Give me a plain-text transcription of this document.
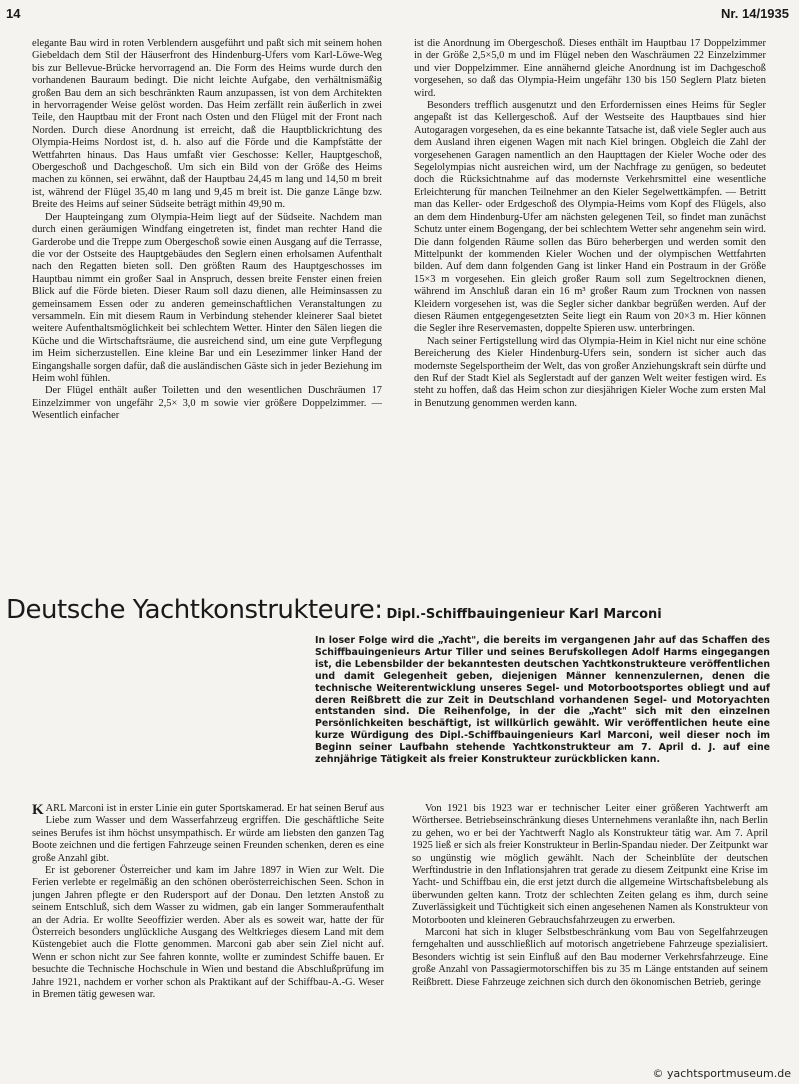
14	Nr. 14/1935

elegante Bau wird in roten Verblendern ausgeführt und paßt sich mit seinem hohen Giebeldach dem Stil der Häuserfront des Hindenburg-Ufers vom Karl-Löwe-Weg bis zur Bellevue-Brücke hervorragend an. Die Form des Heims wurde durch den vorhandenen Bauraum bedingt. Die nicht leichte Aufgabe, den verhältnismäßig großen Bau dem an sich beschränkten Raum anzupassen, ist von dem Architekten in hervorragender Weise gelöst worden. Das Heim zerfällt rein äußerlich in zwei Teile, den Hauptbau mit der Front nach Osten und den Flügel mit der Front nach Norden. Durch diese Anordnung ist erreicht, daß die Hauptblickrichtung des Olympia-Heims Nordost ist, d. h. also auf die Förde und die Kampfstätte der Wettfahrten hinaus. Das Haus umfaßt vier Geschosse: Keller, Hauptgeschoß, Obergeschoß und Dachgeschoß. Um sich ein Bild von der Größe des Heims machen zu können, sei erwähnt, daß der Hauptbau 24,45 m lang und 14,50 m breit ist, während der Flügel 35,40 m lang und 9,45 m breit ist. Die ganze Länge bzw. Breite des Heims auf seiner Südseite beträgt mithin 49,90 m.

Der Haupteingang zum Olympia-Heim liegt auf der Südseite. Nachdem man durch einen geräumigen Windfang eingetreten ist, findet man rechter Hand die Garderobe und die Treppe zum Obergeschoß sowie einen Ausgang auf die Terrasse, die vor der Ostseite des Hauptgebäudes den Seglern einen erholsamen Aufenthalt nach den Regatten bieten soll. Den größten Raum des Hauptgeschosses im Hauptbau nimmt ein großer Saal in Anspruch, dessen breite Fenster einen freien Blick auf die Förde bieten. Dieser Raum soll dazu dienen, alle Heiminsassen zu gemeinsamem Essen oder zu anderen gemeinschaftlichen Veranstaltungen zu versammeln. Ein mit diesem Raum in Verbindung stehender kleinerer Saal bietet weitere Aufenthaltsmöglichkeit bei schlechtem Wetter. Hinter den Sälen liegen die Küche und die Wirtschaftsräume, die ausreichend sind, um eine gute Verpflegung im Heim sicherzustellen. Eine kleine Bar und ein Lesezimmer linker Hand der Eingangshalle sorgen dafür, daß die ausländischen Gäste sich in jeder Beziehung im Heim wohl fühlen.

Der Flügel enthält außer Toiletten und den wesentlichen Duschräumen 17 Einzelzimmer von ungefähr 2,5× 3,0 m sowie vier größere Doppelzimmer. — Wesentlich einfacher

ist die Anordnung im Obergeschoß. Dieses enthält im Hauptbau 17 Doppelzimmer in der Größe 2,5×5,0 m und im Flügel neben den Waschräumen 22 Einzelzimmer und vier Doppelzimmer. Eine annähernd gleiche Anordnung ist im Dachgeschoß vorgesehen, so daß das Olympia-Heim ungefähr 130 bis 150 Seglern Platz bieten wird.

Besonders trefflich ausgenutzt und den Erfordernissen eines Heims für Segler angepaßt ist das Kellergeschoß. Auf der Westseite des Hauptbaues sind hier Autogaragen vorgesehen, da es eine bekannte Tatsache ist, daß viele Segler auch aus dem Ausland ihren eigenen Wagen mit nach Kiel bringen. Obgleich die Zahl der vorgesehenen Garagen namentlich an den Haupttagen der Kieler Woche oder des Segelolympias nicht ausreichen wird, um der Nachfrage zu genügen, so bedeutet doch die Rücksichtnahme auf das modernste Verkehrsmittel eine wesentliche Erleichterung für manchen Teilnehmer an den Kieler Segelwettkämpfen. — Betritt man das Keller- oder Erdgeschoß des Olympia-Heims vom Kopf des Flügels, also an dem dem Hindenburg-Ufer am nächsten gelegenen Teil, so findet man zunächst Schutz unter einem Bogengang, der bei schlechtem Wetter sehr angenehm sein wird. Die dann folgenden Räume sollen das Büro beherbergen und werden somit den Mittelpunkt der kommenden Kieler Wochen und der olympischen Wettfahrten bilden. Auf dem dann folgenden Gang ist linker Hand ein Postraum in der Größe 15×3 m vorgesehen. Ein gleich großer Raum soll zum Segeltrocknen dienen, während im Anschluß daran ein 16 m³ großer Raum zum Trocknen von nassen Kleidern vorgesehen ist, was die Segler sicher dankbar begrüßen werden. Auf der diesen Räumen entgegengesetzten Seite liegt ein Raum von 20×3 m. Hier können die Segler ihre Reservemasten, doppelte Spieren usw. unterbringen.

Nach seiner Fertigstellung wird das Olympia-Heim in Kiel nicht nur eine schöne Bereicherung des Kieler Hindenburg-Ufers sein, sondern ist sicher auch das modernste Segelsportheim der Welt, das von großer Anziehungskraft sein dürfte und den Ruf der Stadt Kiel als Seglerstadt auf der ganzen Welt weiter festigen wird. Es steht zu hoffen, daß das Heim schon zur diesjährigen Kieler Woche zum ersten Mal in Benutzung genommen werden kann.

Deutsche Yachtkonstrukteure: Dipl.-Schiffbauingenieur Karl Marconi
In loser Folge wird die „Yacht", die bereits im vergangenen Jahr auf das Schaffen des Schiffbauingenieurs Artur Tiller und seines Berufskollegen Adolf Harms eingegangen ist, die Lebensbilder der bekanntesten deutschen Yachtkonstrukteure veröffentlichen und damit Gelegenheit geben, diejenigen Männer kennenzulernen, denen die technische Weiterentwicklung unseres Segel- und Motorbootsportes obliegt und auf deren Reißbrett die zur Zeit in Deutschland vorhandenen Segel- und Motoryachten entstanden sind. Die Reihenfolge, in der die „Yacht" sich mit den einzelnen Persönlichkeiten beschäftigt, ist willkürlich gewählt. Wir veröffentlichen heute eine kurze Würdigung des Dipl.-Schiffbauingenieurs Karl Marconi, weil dieser noch im Beginn seiner Laufbahn stehende Yachtkonstrukteur am 7. April d. J. auf eine zehnjährige Tätigkeit als freier Konstrukteur zurückblicken kann.

K ARL Marconi ist in erster Linie ein guter Sportskamerad. Er hat seinen Beruf aus Liebe zum Wasser und dem Wasserfahrzeug ergriffen. Die geschäftliche Seite seines Berufes ist ihm höchst unsympathisch. Er würde am liebsten den ganzen Tag Boote zeichnen und die fertigen Fahrzeuge seinen Freunden schenken, deren es eine große Anzahl gibt.

Er ist geborener Österreicher und kam im Jahre 1897 in Wien zur Welt. Die Ferien verlebte er regelmäßig an den schönen oberösterreichischen Seen. Schon in jungen Jahren pflegte er den Rudersport auf der Donau. Den letzten Anstoß zu seinem Entschluß, sich dem Wasser zu widmen, gab ein langer Sommeraufenthalt an der Adria. Er wollte Seeoffizier werden. Aber als es soweit war, hatte der für Österreich besonders unglückliche Ausgang des Weltkrieges diesem Land mit dem Küstengebiet auch die Flotte genommen. Marconi gab aber sein Ziel nicht auf. Wenn er schon nicht zur See fahren konnte, wollte er zumindest Schiffe bauen. Er besuchte die Technische Hochschule in Wien und bestand die Abschlußprüfung im Jahre 1921, nachdem er vorher schon als Praktikant auf der Schiffbau-A.-G. Weser in Bremen tätig gewesen war.

Von 1921 bis 1923 war er technischer Leiter einer größeren Yachtwerft am Wörthersee. Betriebseinschränkung dieses Unternehmens veranlaßte ihn, nach Berlin zu gehen, wo er bei der Yachtwerft Naglo als Konstrukteur tätig war. Am 7. April 1925 ließ er sich als freier Konstrukteur in Berlin-Spandau nieder. Der Zeitpunkt war so ungünstig wie möglich gewählt. Nach der Scheinblüte der deutschen Werftindustrie in den Inflationsjahren trat gerade zu diesem Zeitpunkt eine Krise im Yacht- und Schiffbau ein, die erst jetzt durch die allgemeine Wirtschaftsbelebung als überwunden gelten kann. Trotz der schlechten Zeiten gelang es ihm, durch seine Zuverlässigkeit und Tüchtigkeit sich einen angesehenen Namen als Konstrukteur von Motorbooten und kleineren Gebrauchsfahrzeugen zu erwerben.

Marconi hat sich in kluger Selbstbeschränkung vom Bau von Segelfahrzeugen ferngehalten und ausschließlich auf motorisch angetriebene Fahrzeuge spezialisiert. Besonders wichtig ist sein Einfluß auf den Bau moderner Verkehrsfahrzeuge. Eine große Anzahl von Passagiermotorschiffen bis zu 35 m Länge entstanden auf seinem Reißbrett. Diese Fahrzeuge zeichnen sich durch den ökonomischen Betrieb, geringe

© yachtsportmuseum.de
